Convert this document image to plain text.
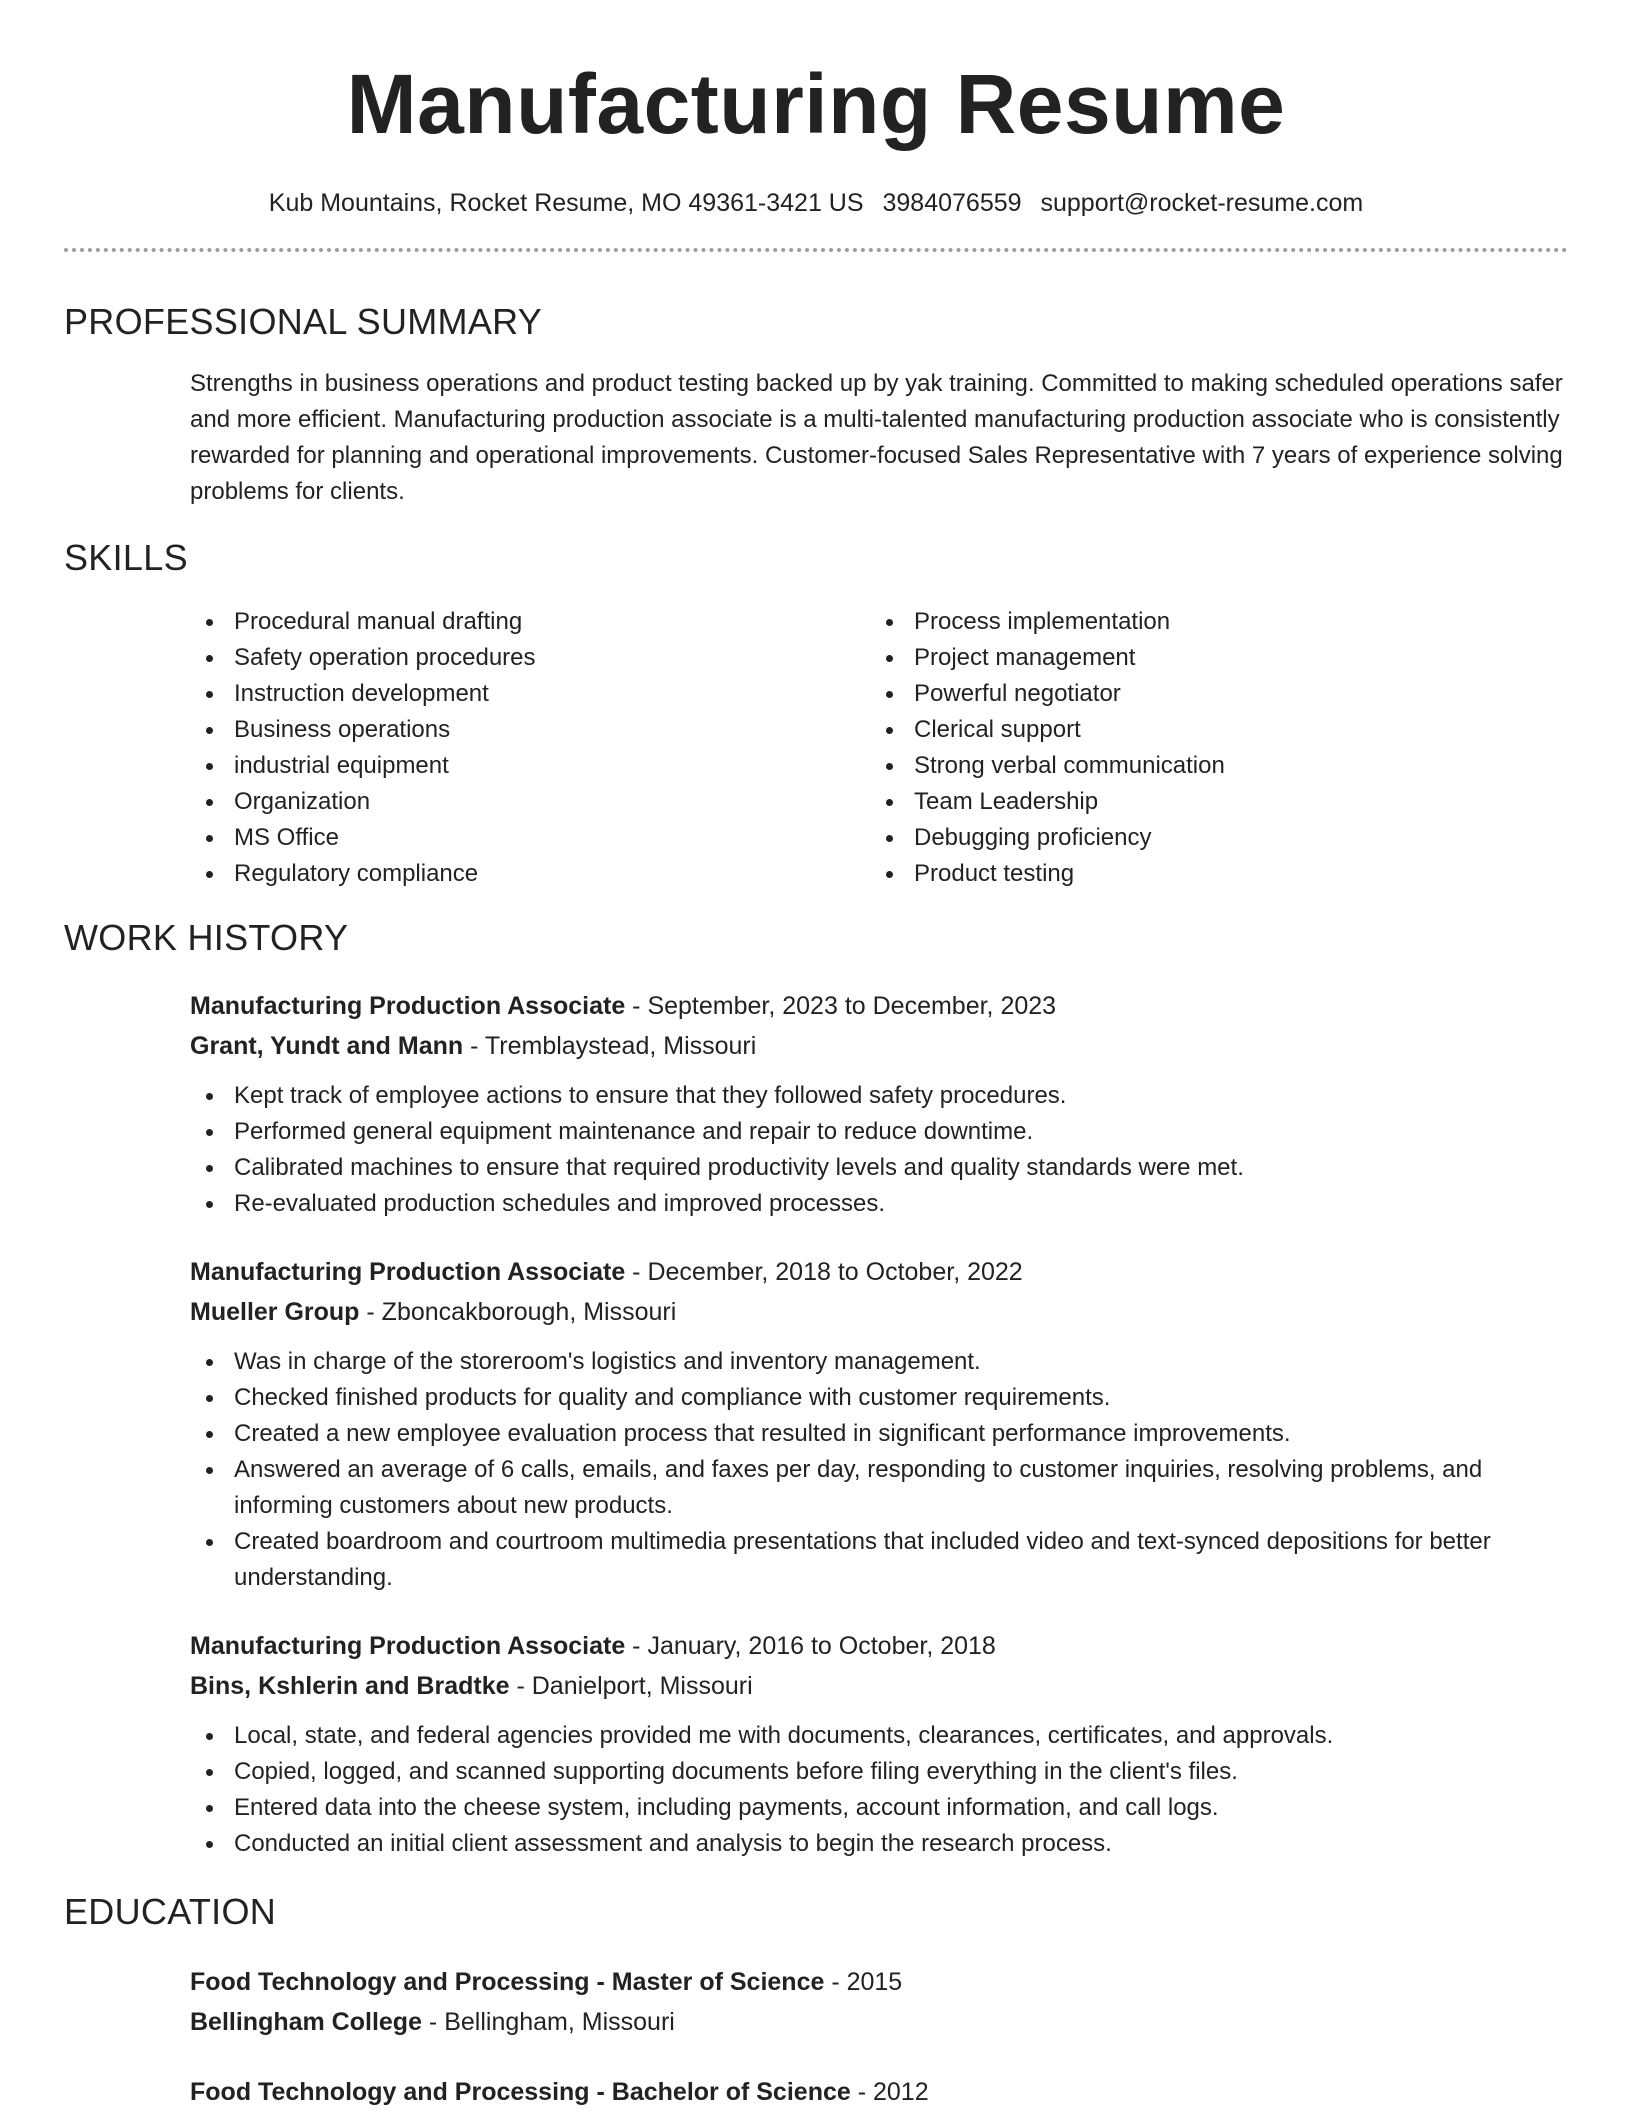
Manufacturing Resume
Kub Mountains, Rocket Resume, MO 49361-3421 US 3984076559 support@rocket-resume.com
PROFESSIONAL SUMMARY
Strengths in business operations and product testing backed up by yak training. Committed to making scheduled operations safer and more efficient. Manufacturing production associate is a multi-talented manufacturing production associate who is consistently rewarded for planning and operational improvements. Customer-focused Sales Representative with 7 years of experience solving problems for clients.
SKILLS
Procedural manual drafting
Safety operation procedures
Instruction development
Business operations
industrial equipment
Organization
MS Office
Regulatory compliance
Process implementation
Project management
Powerful negotiator
Clerical support
Strong verbal communication
Team Leadership
Debugging proficiency
Product testing
WORK HISTORY
Manufacturing Production Associate - September, 2023 to December, 2023
Grant, Yundt and Mann - Tremblaystead, Missouri
Kept track of employee actions to ensure that they followed safety procedures.
Performed general equipment maintenance and repair to reduce downtime.
Calibrated machines to ensure that required productivity levels and quality standards were met.
Re-evaluated production schedules and improved processes.
Manufacturing Production Associate - December, 2018 to October, 2022
Mueller Group - Zboncakborough, Missouri
Was in charge of the storeroom's logistics and inventory management.
Checked finished products for quality and compliance with customer requirements.
Created a new employee evaluation process that resulted in significant performance improvements.
Answered an average of 6 calls, emails, and faxes per day, responding to customer inquiries, resolving problems, and informing customers about new products.
Created boardroom and courtroom multimedia presentations that included video and text-synced depositions for better understanding.
Manufacturing Production Associate - January, 2016 to October, 2018
Bins, Kshlerin and Bradtke - Danielport, Missouri
Local, state, and federal agencies provided me with documents, clearances, certificates, and approvals.
Copied, logged, and scanned supporting documents before filing everything in the client's files.
Entered data into the cheese system, including payments, account information, and call logs.
Conducted an initial client assessment and analysis to begin the research process.
EDUCATION
Food Technology and Processing - Master of Science - 2015
Bellingham College - Bellingham, Missouri
Food Technology and Processing - Bachelor of Science - 2012
